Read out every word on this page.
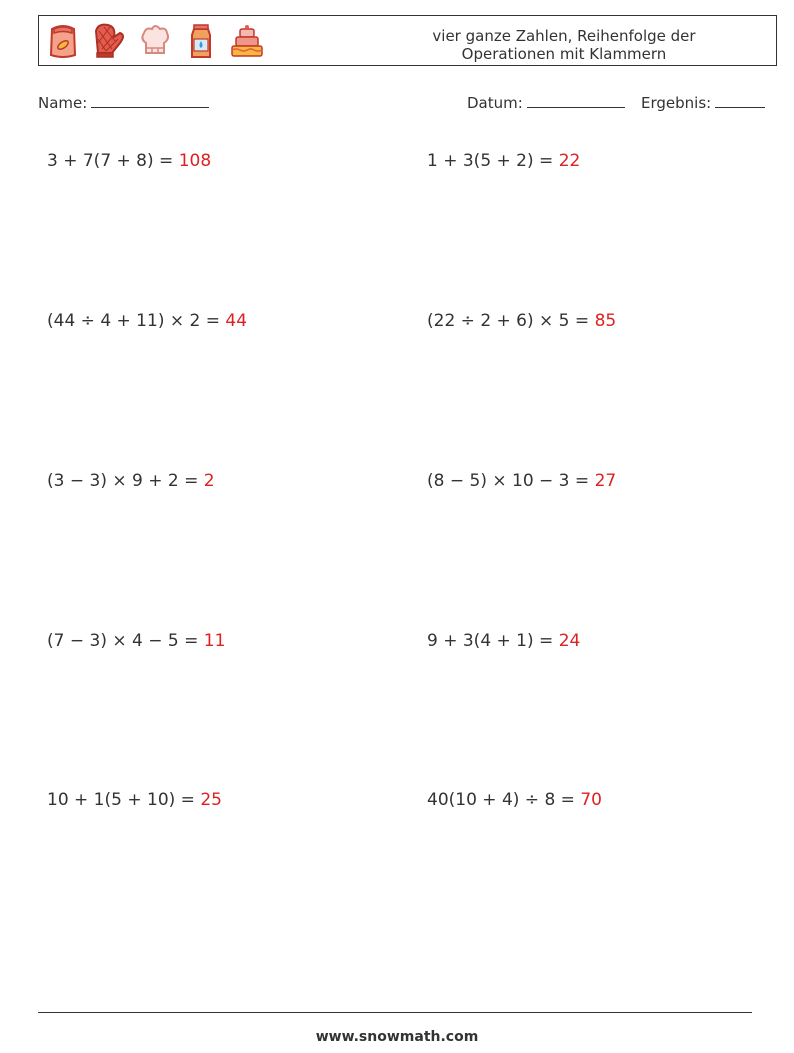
vier ganze Zahlen, Reihenfolge der
Operationen mit Klammern
Name:	Datum:	Ergebnis:
3 + 7(7 + 8) = 108	1 + 3(5 + 2) = 22
(44 ÷ 4 + 11) × 2 = 44	(22 ÷ 2 + 6) × 5 = 85
(3 − 3) × 9 + 2 = 2	(8 − 5) × 10 − 3 = 27
(7 − 3) × 4 − 5 = 11	9 + 3(4 + 1) = 24
10 + 1(5 + 10) = 25	40(10 + 4) ÷ 8 = 70
www.snowmath.com
